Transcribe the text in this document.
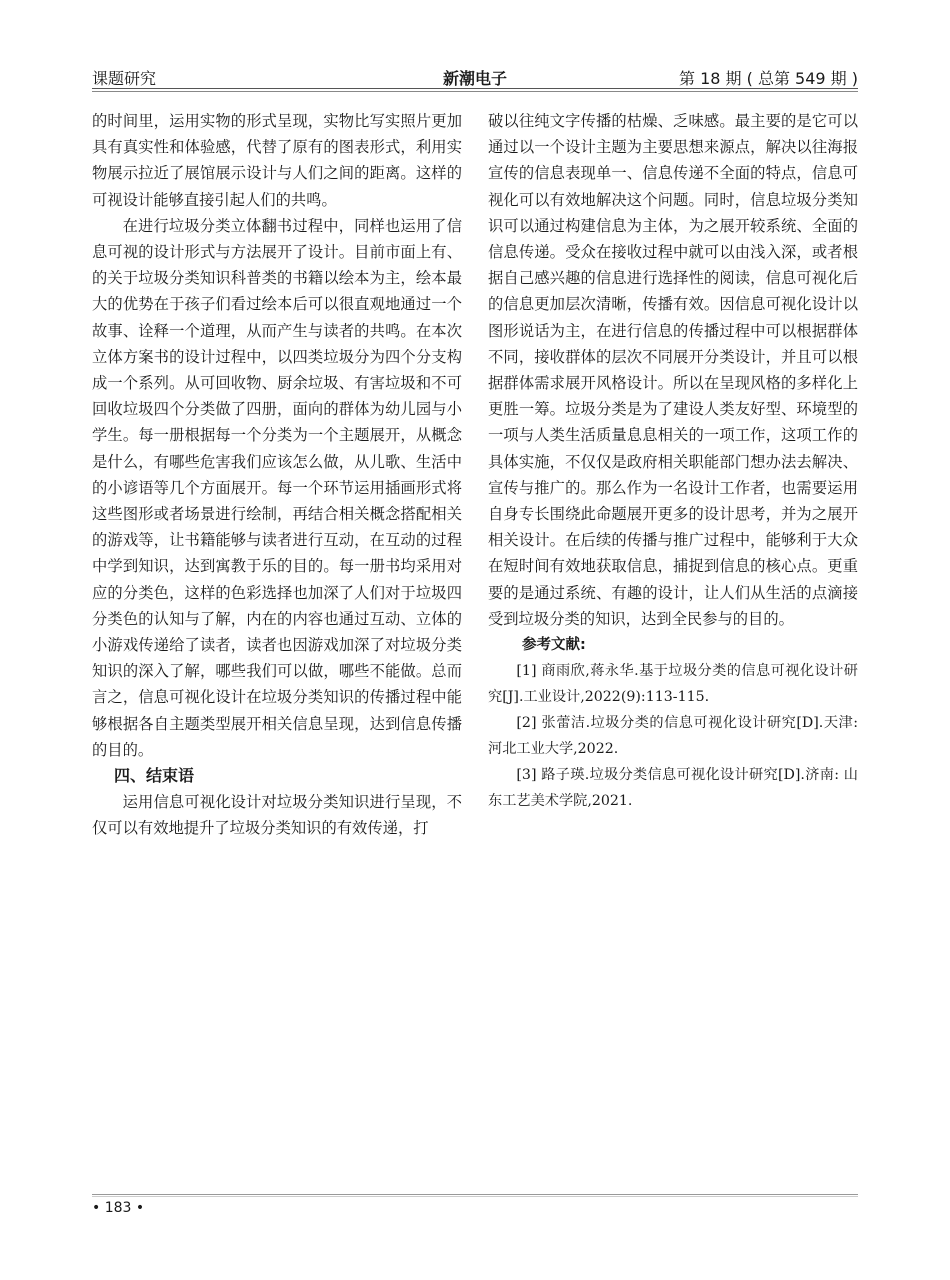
课题研究	新潮电子	第 18 期 ( 总第 549 期 )

的时间里，运用实物的形式呈现，实物比写实照片更加具有真实性和体验感，代替了原有的图表形式，利用实物展示拉近了展馆展示设计与人们之间的距离。这样的可视设计能够直接引起人们的共鸣。

在进行垃圾分类立体翻书过程中，同样也运用了信息可视的设计形式与方法展开了设计。目前市面上有、的关于垃圾分类知识科普类的书籍以绘本为主，绘本最大的优势在于孩子们看过绘本后可以很直观地通过一个故事、诠释一个道理，从而产生与读者的共鸣。在本次立体方案书的设计过程中，以四类垃圾分为四个分支构成一个系列。从可回收物、厨余垃圾、有害垃圾和不可回收垃圾四个分类做了四册，面向的群体为幼儿园与小学生。每一册根据每一个分类为一个主题展开，从概念是什么，有哪些危害我们应该怎么做，从儿歌、生活中的小谚语等几个方面展开。每一个环节运用插画形式将这些图形或者场景进行绘制，再结合相关概念搭配相关的游戏等，让书籍能够与读者进行互动，在互动的过程中学到知识，达到寓教于乐的目的。每一册书均采用对应的分类色，这样的色彩选择也加深了人们对于垃圾四分类色的认知与了解，内在的内容也通过互动、立体的小游戏传递给了读者，读者也因游戏加深了对垃圾分类知识的深入了解，哪些我们可以做，哪些不能做。总而言之，信息可视化设计在垃圾分类知识的传播过程中能够根据各自主题类型展开相关信息呈现，达到信息传播的目的。

四、结束语

运用信息可视化设计对垃圾分类知识进行呈现，不仅可以有效地提升了垃圾分类知识的有效传递，打

破以往纯文字传播的枯燥、乏味感。最主要的是它可以通过以一个设计主题为主要思想来源点，解决以往海报宣传的信息表现单一、信息传递不全面的特点，信息可视化可以有效地解决这个问题。同时，信息垃圾分类知识可以通过构建信息为主体，为之展开较系统、全面的信息传递。受众在接收过程中就可以由浅入深，或者根据自己感兴趣的信息进行选择性的阅读，信息可视化后的信息更加层次清晰，传播有效。因信息可视化设计以图形说话为主，在进行信息的传播过程中可以根据群体不同，接收群体的层次不同展开分类设计，并且可以根据群体需求展开风格设计。所以在呈现风格的多样化上更胜一筹。垃圾分类是为了建设人类友好型、环境型的一项与人类生活质量息息相关的一项工作，这项工作的具体实施，不仅仅是政府相关职能部门想办法去解决、宣传与推广的。那么作为一名设计工作者，也需要运用自身专长围绕此命题展开更多的设计思考，并为之展开相关设计。在后续的传播与推广过程中，能够利于大众在短时间有效地获取信息，捕捉到信息的核心点。更重要的是通过系统、有趣的设计，让人们从生活的点滴接受到垃圾分类的知识，达到全民参与的目的。

参考文献:

[1] 商雨欣,蒋永华.基于垃圾分类的信息可视化设计研究[J].工业设计,2022(9):113-115.

[2] 张蕾洁.垃圾分类的信息可视化设计研究[D].天津: 河北工业大学,2022.

[3] 路子瑛.垃圾分类信息可视化设计研究[D].济南: 山东工艺美术学院,2021.

• 183 •
